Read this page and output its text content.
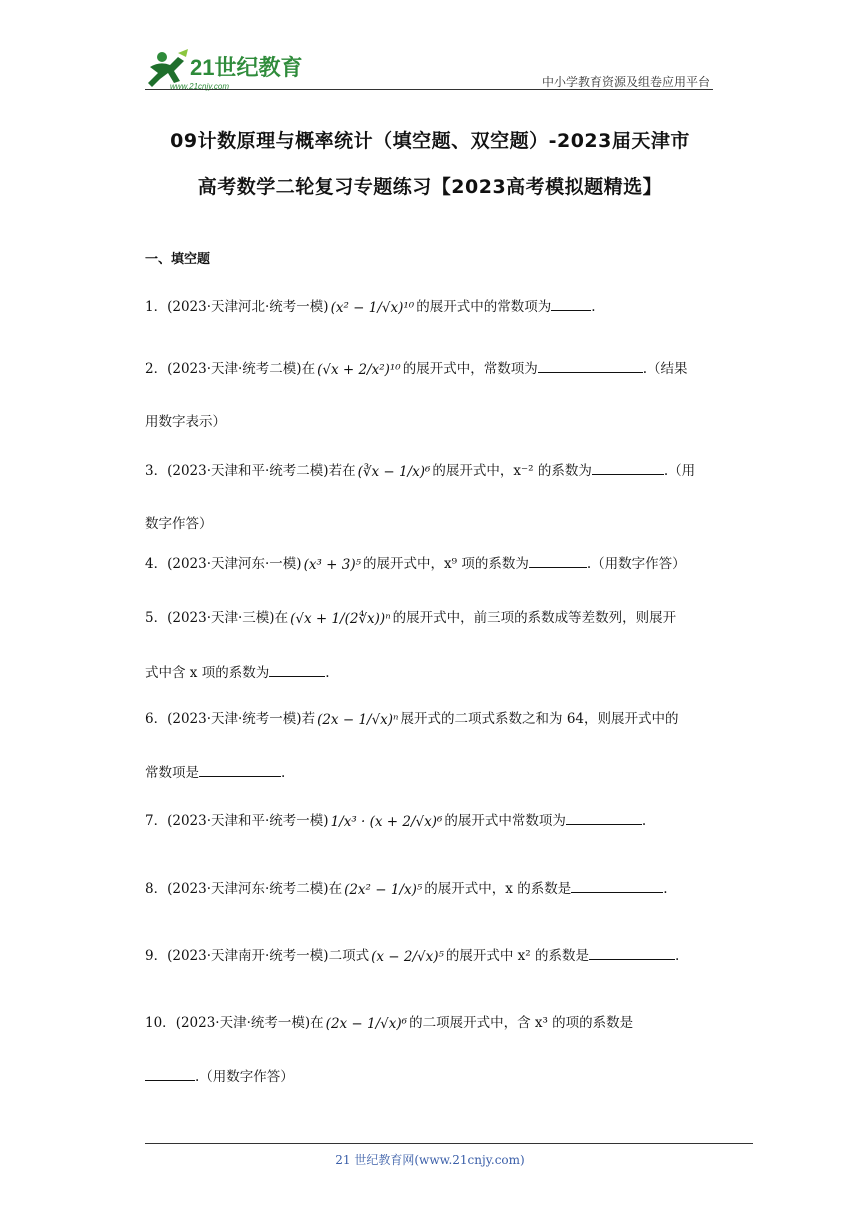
21世纪教育
www.21cnjy.com	中小学教育资源及组卷应用平台
09计数原理与概率统计（填空题、双空题）-2023届天津市
高考数学二轮复习专题练习【2023高考模拟题精选】
一、填空题
1．(2023·天津河北·统考一模) (x² − 1/√x)¹⁰ 的展开式中的常数项为	.
2．(2023·天津·统考二模)在 (√x + 2/x²)¹⁰ 的展开式中，常数项为	.（结果
用数字表示）
3．(2023·天津和平·统考二模)若在 (∛x − 1/x)⁶ 的展开式中，x⁻² 的系数为	.（用
数字作答）
4．(2023·天津河东·一模) (x³ + 3)⁵ 的展开式中，x⁹ 项的系数为	.（用数字作答）
5．(2023·天津·三模)在 (√x + 1/(2∜x))ⁿ 的展开式中，前三项的系数成等差数列，则展开
式中含 x 项的系数为	.
6．(2023·天津·统考一模)若 (2x − 1/√x)ⁿ 展开式的二项式系数之和为 64，则展开式中的
常数项是	.
7．(2023·天津和平·统考一模) 1/x³ · (x + 2/√x)⁶ 的展开式中常数项为	.
8．(2023·天津河东·统考二模)在 (2x² − 1/x)⁵ 的展开式中，x 的系数是	.
9．(2023·天津南开·统考一模)二项式 (x − 2/√x)⁵ 的展开式中 x² 的系数是	.
10．(2023·天津·统考一模)在 (2x − 1/√x)⁶ 的二项展开式中，含 x³ 的项的系数是
.（用数字作答）
21 世纪教育网(www.21cnjy.com)
